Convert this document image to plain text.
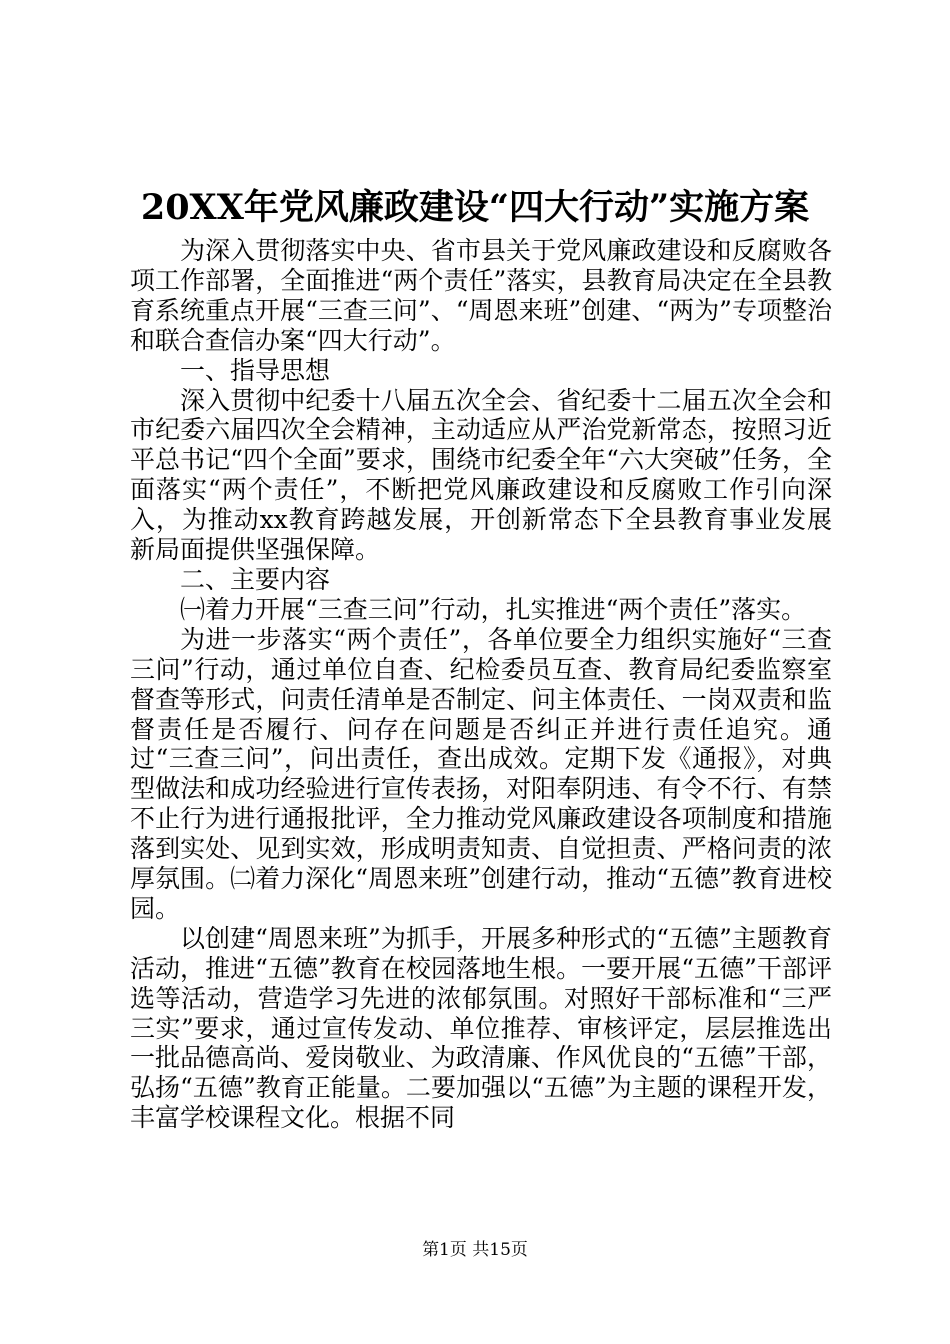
20XX年党风廉政建设“四大行动”实施方案

为深入贯彻落实中央、省市县关于党风廉政建设和反腐败各项工作部署，全面推进“两个责任”落实，县教育局决定在全县教育系统重点开展“三查三问”、“周恩来班”创建、“两为”专项整治和联合查信办案“四大行动”。

一、指导思想

深入贯彻中纪委十八届五次全会、省纪委十二届五次全会和市纪委六届四次全会精神，主动适应从严治党新常态，按照习近平总书记“四个全面”要求，围绕市纪委全年“六大突破”任务，全面落实“两个责任”，不断把党风廉政建设和反腐败工作引向深入，为推动xx教育跨越发展，开创新常态下全县教育事业发展新局面提供坚强保障。

二、主要内容

㈠着力开展“三查三问”行动，扎实推进“两个责任”落实。

为进一步落实“两个责任”，各单位要全力组织实施好“三查三问”行动，通过单位自查、纪检委员互查、教育局纪委监察室督查等形式，问责任清单是否制定、问主体责任、一岗双责和监督责任是否履行、问存在问题是否纠正并进行责任追究。通过“三查三问”，问出责任，查出成效。定期下发《通报》，对典型做法和成功经验进行宣传表扬，对阳奉阴违、有令不行、有禁不止行为进行通报批评，全力推动党风廉政建设各项制度和措施落到实处、见到实效，形成明责知责、自觉担责、严格问责的浓厚氛围。㈡着力深化“周恩来班”创建行动，推动“五德”教育进校园。

以创建“周恩来班”为抓手，开展多种形式的“五德”主题教育活动，推进“五德”教育在校园落地生根。一要开展“五德”干部评选等活动，营造学习先进的浓郁氛围。对照好干部标准和“三严三实”要求，通过宣传发动、单位推荐、审核评定，层层推选出一批品德高尚、爱岗敬业、为政清廉、作风优良的“五德”干部，弘扬“五德”教育正能量。二要加强以“五德”为主题的课程开发，丰富学校课程文化。根据不同

第1页 共15页
